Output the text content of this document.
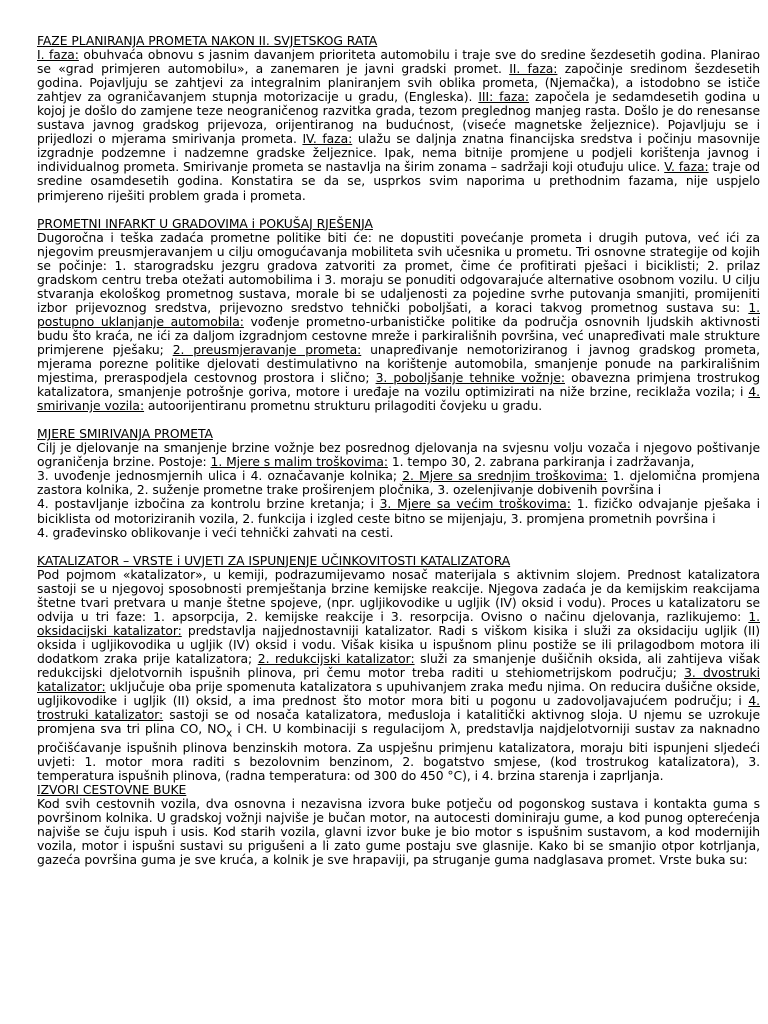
FAZE PLANIRANJA PROMETA NAKON II. SVJETSKOG RATA

I. faza: obuhvaća obnovu s jasnim davanjem prioriteta automobilu i traje sve do sredine šezdesetih godina. Planirao se «grad primjeren automobilu», a zanemaren je javni gradski promet. II. faza: započinje sredinom šezdesetih godina. Pojavljuju se zahtjevi za integralnim planiranjem svih oblika prometa, (Njemačka), a istodobno se ističe zahtjev za ograničavanjem stupnja motorizacije u gradu, (Engleska). III: faza: započela je sedamdesetih godina u kojoj je došlo do zamjene teze neograničenog razvitka grada, tezom preglednog manjeg rasta. Došlo je do renesanse sustava javnog gradskog prijevoza, orijentiranog na budućnost, (viseće magnetske željeznice). Pojavljuju se i prijedlozi o mjerama smirivanja prometa. IV. faza: ulažu se daljnja znatna financijska sredstva i počinju masovnije izgradnje podzemne i nadzemne gradske željeznice. Ipak, nema bitnije promjene u podjeli korištenja javnog i individualnog prometa. Smirivanje prometa se nastavlja na širim zonama – sadržaji koji otuđuju ulice. V. faza: traje od sredine osamdesetih godina. Konstatira se da se, usprkos svim naporima u prethodnim fazama, nije uspjelo primjereno riješiti problem grada i prometa.

PROMETNI INFARKT U GRADOVIMA i POKUŠAJ RJEŠENJA

Dugoročna i teška zadaća prometne politike biti će: ne dopustiti povećanje prometa i drugih putova, već ići za njegovim preusmjeravanjem u cilju omogućavanja mobiliteta svih učesnika u prometu. Tri osnovne strategije od kojih se počinje: 1. starogradsku jezgru gradova zatvoriti za promet, čime će profitirati pješaci i biciklisti; 2. prilaz gradskom centru treba otežati automobilima i 3. moraju se ponuditi odgovarajuće alternative osobnom vozilu. U cilju stvaranja ekološkog prometnog sustava, morale bi se udaljenosti za pojedine svrhe putovanja smanjiti, promijeniti izbor prijevoznog sredstva, prijevozno sredstvo tehnički poboljšati, a koraci takvog prometnog sustava su: 1. postupno uklanjanje automobila: vođenje prometno-urbanističke politike da područja osnovnih ljudskih aktivnosti budu što kraća, ne ići za daljom izgradnjom cestovne mreže i parkirališnih površina, već unapređivati male strukture primjerene pješaku; 2. preusmjeravanje prometa: unapređivanje nemotoriziranog i javnog gradskog prometa, mjerama porezne politike djelovati destimulativno na korištenje automobila, smanjenje ponude na parkirališnim mjestima, preraspodjela cestovnog prostora i slično; 3. poboljšanje tehnike vožnje: obavezna primjena trostrukog katalizatora, smanjenje potrošnje goriva, motore i uređaje na vozilu optimizirati na niže brzine, reciklaža vozila; i 4. smirivanje vozila: autoorijentiranu prometnu strukturu prilagoditi čovjeku u gradu.

MJERE SMIRIVANJA PROMETA

Cilj je djelovanje na smanjenje brzine vožnje bez posrednog djelovanja na svjesnu volju vozača i njegovo poštivanje ograničenja brzine. Postoje: 1. Mjere s malim troškovima: 1. tempo 30, 2. zabrana parkiranja i zadržavanja,

3. uvođenje jednosmjernih ulica i 4. označavanje kolnika; 2. Mjere sa srednjim troškovima: 1. djelomična promjena zastora kolnika, 2. suženje prometne trake proširenjem pločnika, 3. ozelenjivanje dobivenih površina i

4. postavljanje izbočina za kontrolu brzine kretanja; i 3. Mjere sa većim troškovima: 1. fizičko odvajanje pješaka i biciklista od motoriziranih vozila, 2. funkcija i izgled ceste bitno se mijenjaju, 3. promjena prometnih površina i

4. građevinsko oblikovanje i veći tehnički zahvati na cesti.

KATALIZATOR – VRSTE i UVJETI ZA ISPUNJENJE UČINKOVITOSTI KATALIZATORA

Pod pojmom «katalizator», u kemiji, podrazumijevamo nosač materijala s aktivnim slojem. Prednost katalizatora sastoji se u njegovoj sposobnosti premještanja brzine kemijske reakcije. Njegova zadaća je da kemijskim reakcijama štetne tvari pretvara u manje štetne spojeve, (npr. ugljikovodike u ugljik (IV) oksid i vodu). Proces u katalizatoru se odvija u tri faze: 1. apsorpcija, 2. kemijske reakcije i 3. resorpcija. Ovisno o načinu djelovanja, razlikujemo: 1. oksidacijski katalizator: predstavlja najjednostavniji katalizator. Radi s viškom kisika i služi za oksidaciju ugljik (II) oksida i ugljikovodika u ugljik (IV) oksid i vodu. Višak kisika u ispušnom plinu postiže se ili prilagodbom motora ili dodatkom zraka prije katalizatora; 2. redukcijski katalizator: služi za smanjenje dušičnih oksida, ali zahtijeva višak redukcijski djelotvornih ispušnih plinova, pri čemu motor treba raditi u stehiometrijskom području; 3. dvostruki katalizator: uključuje oba prije spomenuta katalizatora s upuhivanjem zraka među njima. On reducira dušične okside, ugljikovodike i ugljik (II) oksid, a ima prednost što motor mora biti u pogonu u zadovoljavajućem području; i 4. trostruki katalizator: sastoji se od nosača katalizatora, međusloja i katalitički aktivnog sloja. U njemu se uzrokuje promjena sva tri plina CO, $NO_x$ i CH. U kombinaciji s regulacijom λ, predstavlja najdjelotvorniji sustav za naknadno pročišćavanje ispušnih plinova benzinskih motora. Za uspješnu primjenu katalizatora, moraju biti ispunjeni sljedeći uvjeti: 1. motor mora raditi s bezolovnim benzinom, 2. bogatstvo smjese, (kod trostrukog katalizatora), 3. temperatura ispušnih plinova, (radna temperatura: od 300 do 450 °C), i 4. brzina starenja i zaprljanja.

IZVORI CESTOVNE BUKE

Kod svih cestovnih vozila, dva osnovna i nezavisna izvora buke potječu od pogonskog sustava i kontakta guma s površinom kolnika. U gradskoj vožnji najviše je bučan motor, na autocesti dominiraju gume, a kod punog opterećenja najviše se čuju ispuh i usis. Kod starih vozila, glavni izvor buke je bio motor s ispušnim sustavom, a kod modernijih vozila, motor i ispušni sustavi su prigušeni a li zato gume postaju sve glasnije. Kako bi se smanjio otpor kotrljanja, gazeća površina guma je sve kruća, a kolnik je sve hrapaviji, pa struganje guma nadglasava promet. Vrste buka su:
